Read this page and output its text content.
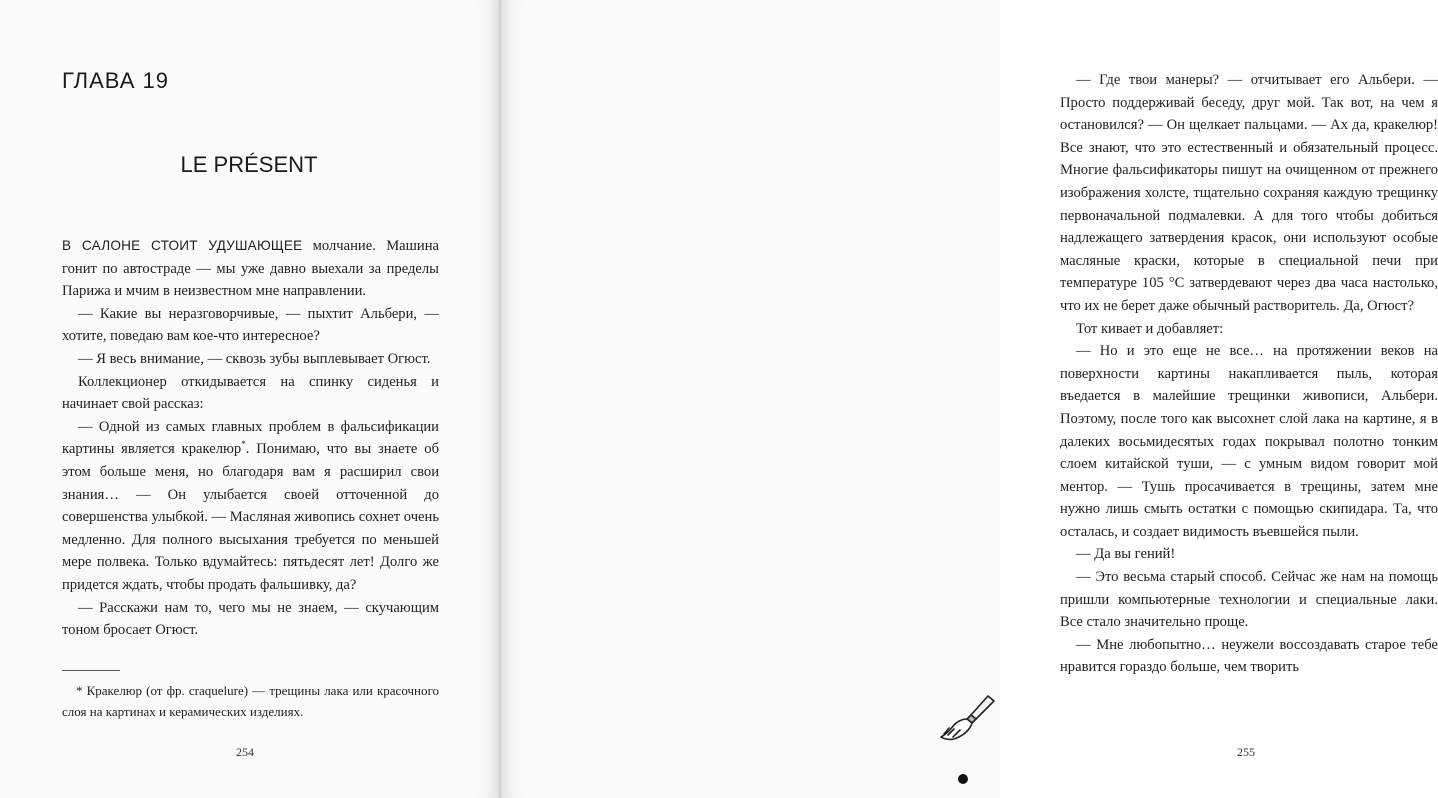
ГЛАВА 19
LE PRÉSENT

В САЛОНЕ СТОИТ УДУШАЮЩЕЕ молчание. Машина гонит по автостраде — мы уже давно выехали за пределы Парижа и мчим в неизвестном мне направлении.

— Какие вы неразговорчивые, — пыхтит Альбери, — хотите, поведаю вам кое-что интересное?

— Я весь внимание, — сквозь зубы выплевывает Огюст.

Коллекционер откидывается на спинку сиденья и начинает свой рассказ:

— Одной из самых главных проблем в фальсификации картины является кракелюр*. Понимаю, что вы знаете об этом больше меня, но благодаря вам я расширил свои знания… — Он улыбается своей отточенной до совершенства улыбкой. — Масляная живопись сохнет очень медленно. Для полного высыхания требуется по меньшей мере полвека. Только вдумайтесь: пятьдесят лет! Долго же придется ждать, чтобы продать фальшивку, да?

— Расскажи нам то, чего мы не знаем, — скучающим тоном бросает Огюст.

* Кракелюр (от фр. craquelure) — трещины лака или красочного слоя на картинах и керамических изделиях.

254

— Где твои манеры? — отчитывает его Альбери. — Просто поддерживай беседу, друг мой. Так вот, на чем я остановился? — Он щелкает пальцами. — Ах да, кракелюр! Все знают, что это естественный и обязательный процесс. Многие фальсификаторы пишут на очищенном от прежнего изображения холсте, тщательно сохраняя каждую трещинку первоначальной подмалевки. А для того чтобы добиться надлежащего затвердения красок, они используют особые масляные краски, которые в специальной печи при температуре 105 °С затвердевают через два часа настолько, что их не берет даже обычный растворитель. Да, Огюст?

Тот кивает и добавляет:

— Но и это еще не все… на протяжении веков на поверхности картины накапливается пыль, которая въедается в малейшие трещинки живописи, Альбери. Поэтому, после того как высохнет слой лака на картине, я в далеких восьмидесятых годах покрывал полотно тонким слоем китайской туши, — с умным видом говорит мой ментор. — Тушь просачивается в трещины, затем мне нужно лишь смыть остатки с помощью скипидара. Та, что осталась, и создает видимость въевшейся пыли.

— Да вы гений!

— Это весьма старый способ. Сейчас же нам на помощь пришли компьютерные технологии и специальные лаки. Все стало значительно проще.

— Мне любопытно… неужели воссоздавать старое тебе нравится гораздо больше, чем творить

255
